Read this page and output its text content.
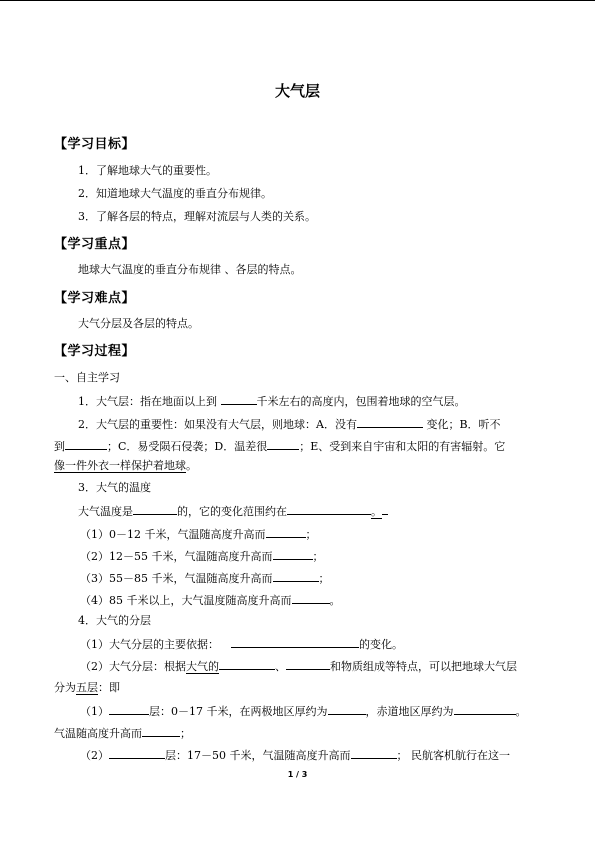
大气层
【学习目标】
1．了解地球大气的重要性。
2．知道地球大气温度的垂直分布规律。
3．了解各层的特点，理解对流层与人类的关系。
【学习重点】
地球大气温度的垂直分布规律 、各层的特点。
【学习难点】
大气分层及各层的特点。
【学习过程】
一、自主学习
1．大气层：指在地面以上到	千米左右的高度内，包围着地球的空气层。
2．大气层的重要性：如果没有大气层，则地球：A．没有	变化；B．听不
到	；C．易受陨石侵袭；D．温差很	；E、受到来自宇宙和太阳的有害辐射。它
像一件外衣一样保护着地球。
3．大气的温度
大气温度是	的，它的变化范围约在	。
（1）0－12 千米，气温随高度升高而	；
（2）12－55 千米，气温随高度升高而	；
（3）55－85 千米，气温随高度升高而	；
（4）85 千米以上，大气温度随高度升高而	。
4．大气的分层
（1）大气分层的主要依据：	的变化。
（2）大气分层：根据大气的	、	和物质组成等特点，可以把地球大气层
分为五层：即
（1）	层：0－17 千米，在两极地区厚约为	，赤道地区厚约为	。
气温随高度升高而	；
（2）	层：17－50 千米，气温随高度升高而	； 民航客机航行在这一
1 / 3
